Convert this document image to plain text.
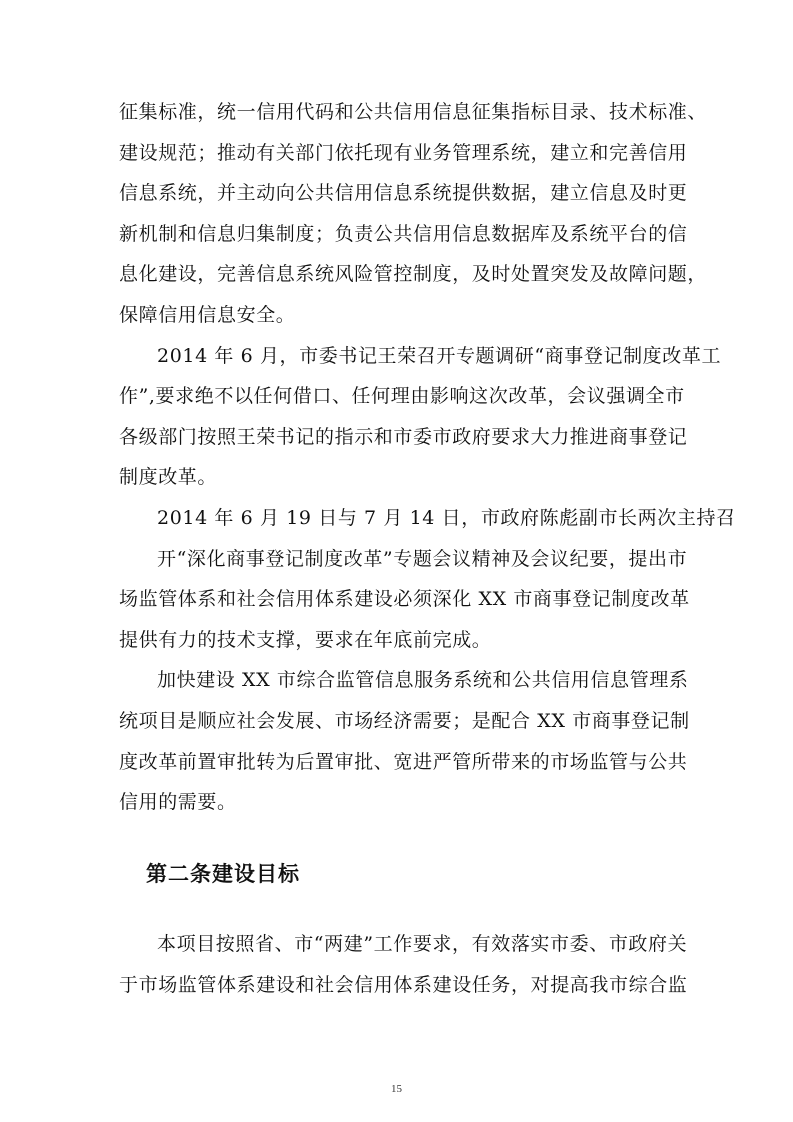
征集标准，统一信用代码和公共信用信息征集指标目录、技术标准、
建设规范；推动有关部门依托现有业务管理系统，建立和完善信用
信息系统，并主动向公共信用信息系统提供数据，建立信息及时更
新机制和信息归集制度；负责公共信用信息数据库及系统平台的信
息化建设，完善信息系统风险管控制度，及时处置突发及故障问题，
保障信用信息安全。

2014 年 6 月，市委书记王荣召开专题调研“商事登记制度改革工
作”,要求绝不以任何借口、任何理由影响这次改革，会议强调全市
各级部门按照王荣书记的指示和市委市政府要求大力推进商事登记
制度改革。

2014 年 6 月 19 日与 7 月 14 日，市政府陈彪副市长两次主持召
开“深化商事登记制度改革”专题会议精神及会议纪要，提出市
场监管体系和社会信用体系建设必须深化 XX 市商事登记制度改革
提供有力的技术支撑，要求在年底前完成。

加快建设 XX 市综合监管信息服务系统和公共信用信息管理系
统项目是顺应社会发展、市场经济需要；是配合 XX 市商事登记制
度改革前置审批转为后置审批、宽进严管所带来的市场监管与公共
信用的需要。

第二条建设目标

本项目按照省、市“两建”工作要求，有效落实市委、市政府关
于市场监管体系建设和社会信用体系建设任务，对提高我市综合监

15
